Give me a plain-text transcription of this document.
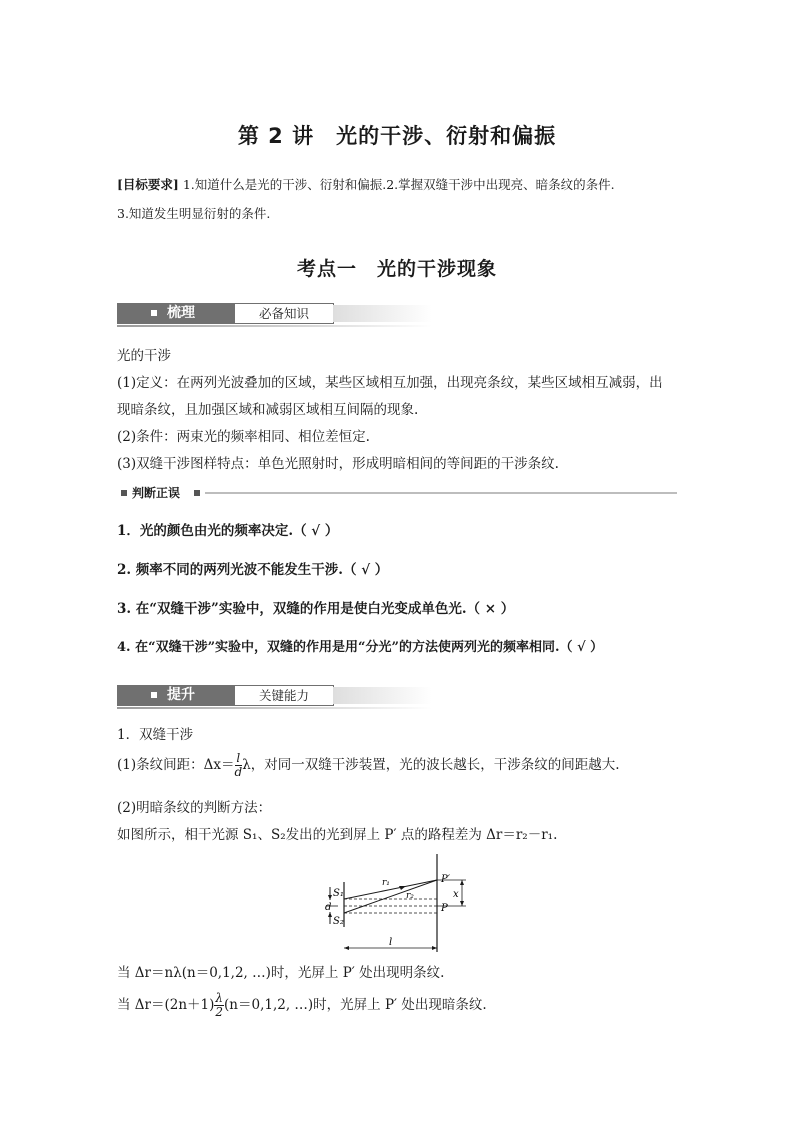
第 2 讲　光的干涉、衍射和偏振
[目标要求] 1.知道什么是光的干涉、衍射和偏振.2.掌握双缝干涉中出现亮、暗条纹的条件.
3.知道发生明显衍射的条件.
考点一　光的干涉现象
梳理	必备知识
光的干涉
(1)定义：在两列光波叠加的区域，某些区域相互加强，出现亮条纹，某些区域相互减弱，出
现暗条纹，且加强区域和减弱区域相互间隔的现象.
(2)条件：两束光的频率相同、相位差恒定.
(3)双缝干涉图样特点：单色光照射时，形成明暗相间的等间距的干涉条纹.
判断正误
1．光的颜色由光的频率决定.（ √ ）
2. 频率不同的两列光波不能发生干涉.（ √ ）
3. 在“双缝干涉”实验中，双缝的作用是使白光变成单色光.（ × ）
4. 在“双缝干涉”实验中，双缝的作用是用“分光”的方法使两列光的频率相同.（ √ ）
提升	关键能力
1．双缝干涉
(1)条纹间距：$\Delta x= \frac{l}{d}$ λ，对同一双缝干涉装置，光的波长越长，干涉条纹的间距越大.
(2)明暗条纹的判断方法：
如图所示，相干光源 S₁、S₂发出的光到屏上 P′ 点的路程差为 Δr＝r₂－r₁.
S₁
d
S₂
r₁
r₂
P′
P
x
l
当 Δr＝nλ(n＝0,1,2, …)时，光屏上 P′ 处出现明条纹.
当 $\Delta r=(2n+1) \frac{\lambda}{2} (n=0,1,2$, …)时，光屏上 P′ 处出现暗条纹.
